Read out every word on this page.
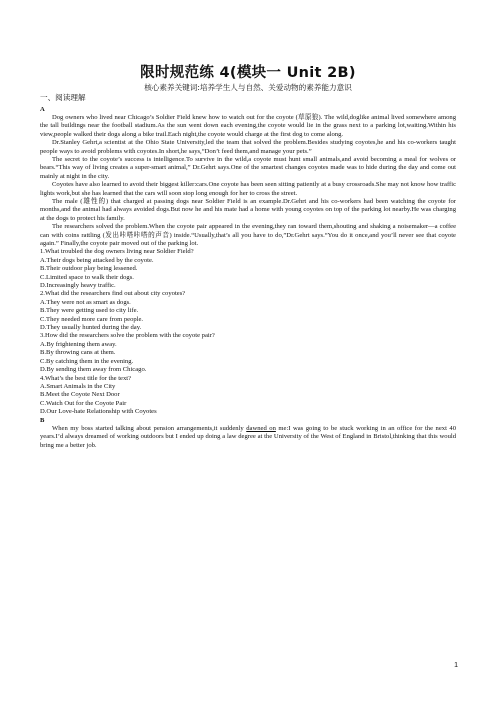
限时规范练 4(模块一 Unit 2B)

核心素养关键词:培养学生人与自然、关爱动物的素养能力意识

一、阅读理解

A

Dog owners who lived near Chicago’s Soldier Field knew how to watch out for the coyote (草原狼). The wild,doglike animal lived somewhere among the tall buildings near the football stadium.As the sun went down each evening,the coyote would lie in the grass next to a parking lot,waiting.Within his view,people walked their dogs along a bike trail.Each night,the coyote would charge at the first dog to come along.

Dr.Stanley Gehrt,a scientist at the Ohio State University,led the team that solved the problem.Besides studying coyotes,he and his co-workers taught people ways to avoid problems with coyotes.In short,he says,“Don’t feed them,and manage your pets.”

The secret to the coyote’s success is intelligence.To survive in the wild,a coyote must hunt small animals,and avoid becoming a meal for wolves or bears.“This way of living creates a super-smart animal,” Dr.Gehrt says.One of the smartest changes coyotes made was to hide during the day and come out mainly at night in the city.

Coyotes have also learned to avoid their biggest killer:cars.One coyote has been seen sitting patiently at a busy crossroads.She may not know how traffic lights work,but she has learned that the cars will soon stop long enough for her to cross the street.

The male (雄性的) that charged at passing dogs near Soldier Field is an example.Dr.Gehrt and his co-workers had been watching the coyote for months,and the animal had always avoided dogs.But now he and his mate had a home with young coyotes on top of the parking lot nearby.He was charging at the dogs to protect his family.

The researchers solved the problem.When the coyote pair appeared in the evening,they ran toward them,shouting and shaking a noisemaker—a coffee can with coins rattling (发出咔嗒咔嗒的声音) inside.“Usually,that’s all you have to do,”Dr.Gehrt says.“You do it once,and you’ll never see that coyote again.” Finally,the coyote pair moved out of the parking lot.

1.What troubled the dog owners living near Soldier Field?

A.Their dogs being attacked by the coyote.

B.Their outdoor play being lessened.

C.Limited space to walk their dogs.

D.Increasingly heavy traffic.

2.What did the researchers find out about city coyotes?

A.They were not as smart as dogs.

B.They were getting used to city life.

C.They needed more care from people.

D.They usually hunted during the day.

3.How did the researchers solve the problem with the coyote pair?

A.By frightening them away.

B.By throwing cans at them.

C.By catching them in the evening.

D.By sending them away from Chicago.

4.What’s the best title for the text?

A.Smart Animals in the City

B.Meet the Coyote Next Door

C.Watch Out for the Coyote Pair

D.Our Love-hate Relationship with Coyotes

B

When my boss started talking about pension arrangements,it suddenly dawned on me:I was going to be stuck working in an office for the next 40 years.I’d always dreamed of working outdoors but I ended up doing a law degree at the University of the West of England in Bristol,thinking that this would bring me a better job.

1
